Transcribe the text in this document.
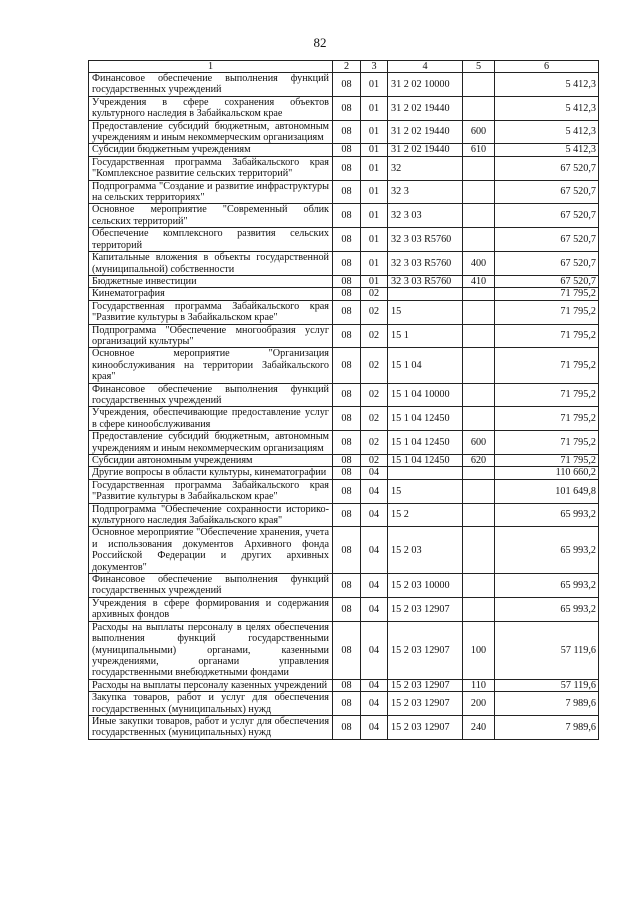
82
1	2	3	4	5	6
Финансовое обеспечение выполнения функций государственных учреждений	08	01	31 2 02 10000		5 412,3
Учреждения в сфере сохранения объектов культурного наследия в Забайкальском крае	08	01	31 2 02 19440		5 412,3
Предоставление субсидий бюджетным, автономным учреждениям и иным некоммерческим организациям	08	01	31 2 02 19440	600	5 412,3
Субсидии бюджетным учреждениям	08	01	31 2 02 19440	610	5 412,3
Государственная программа Забайкальского края "Комплексное развитие сельских территорий"	08	01	32		67 520,7
Подпрограмма "Создание и развитие инфраструктуры на сельских территориях"	08	01	32 3		67 520,7
Основное мероприятие "Современный облик сельских территорий"	08	01	32 3 03		67 520,7
Обеспечение комплексного развития сельских территорий	08	01	32 3 03 R5760		67 520,7
Капитальные вложения в объекты государственной (муниципальной) собственности	08	01	32 3 03 R5760	400	67 520,7
Бюджетные инвестиции	08	01	32 3 03 R5760	410	67 520,7
Кинематография	08	02			71 795,2
Государственная программа Забайкальского края "Развитие культуры в Забайкальском крае"	08	02	15		71 795,2
Подпрограмма "Обеспечение многообразия услуг организаций культуры"	08	02	15 1		71 795,2
Основное мероприятие "Организация кинообслуживания на территории Забайкальского края"	08	02	15 1 04		71 795,2
Финансовое обеспечение выполнения функций государственных учреждений	08	02	15 1 04 10000		71 795,2
Учреждения, обеспечивающие предоставление услуг в сфере кинообслуживания	08	02	15 1 04 12450		71 795,2
Предоставление субсидий бюджетным, автономным учреждениям и иным некоммерческим организациям	08	02	15 1 04 12450	600	71 795,2
Субсидии автономным учреждениям	08	02	15 1 04 12450	620	71 795,2
Другие вопросы в области культуры, кинематографии	08	04			110 660,2
Государственная программа Забайкальского края "Развитие культуры в Забайкальском крае"	08	04	15		101 649,8
Подпрограмма "Обеспечение сохранности историко-культурного наследия Забайкальского края"	08	04	15 2		65 993,2
Основное мероприятие "Обеспечение хранения, учета и использования документов Архивного фонда Российской Федерации и других архивных документов"	08	04	15 2 03		65 993,2
Финансовое обеспечение выполнения функций государственных учреждений	08	04	15 2 03 10000		65 993,2
Учреждения в сфере формирования и содержания архивных фондов	08	04	15 2 03 12907		65 993,2
Расходы на выплаты персоналу в целях обеспечения выполнения функций государственными (муниципальными) органами, казенными учреждениями, органами управления государственными внебюджетными фондами	08	04	15 2 03 12907	100	57 119,6
Расходы на выплаты персоналу казенных учреждений	08	04	15 2 03 12907	110	57 119,6
Закупка товаров, работ и услуг для обеспечения государственных (муниципальных) нужд	08	04	15 2 03 12907	200	7 989,6
Иные закупки товаров, работ и услуг для обеспечения государственных (муниципальных) нужд	08	04	15 2 03 12907	240	7 989,6
